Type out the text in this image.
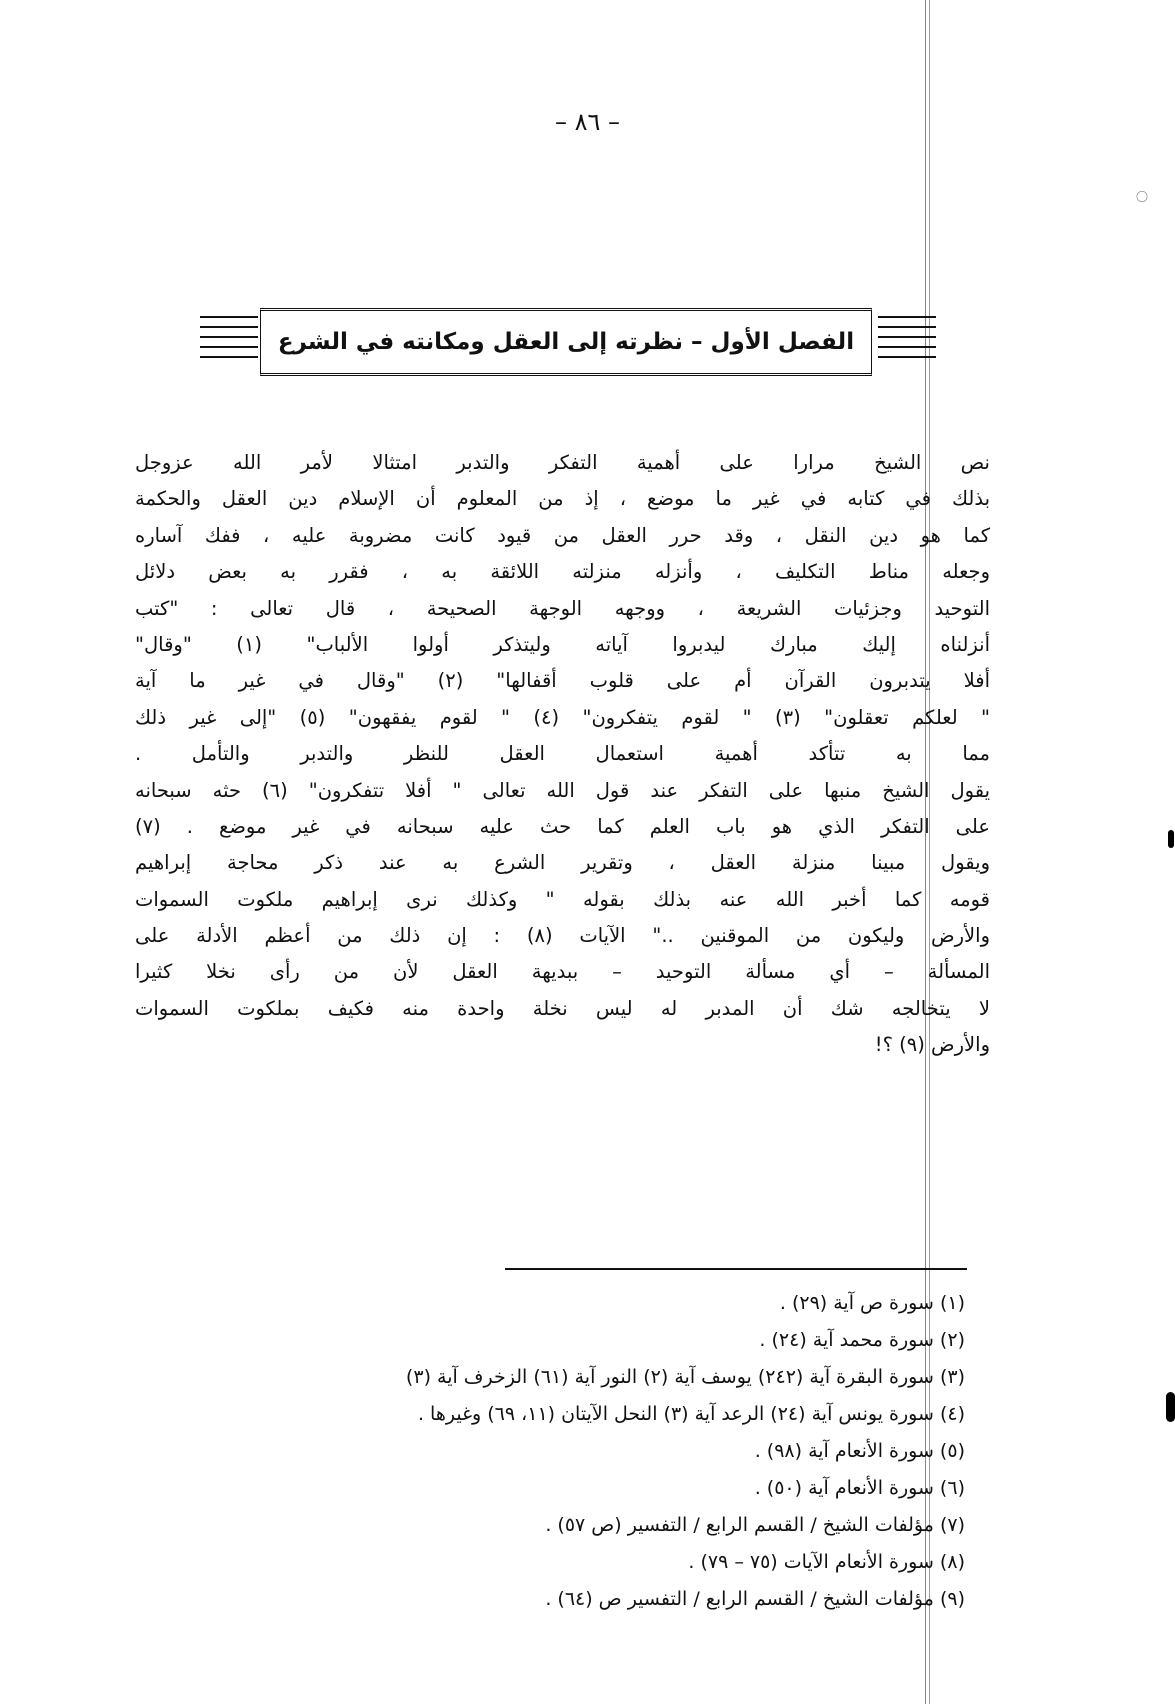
– ٨٦ –
〇
الفصل الأول – نظرته إلى العقل ومكانته في الشرع

نص الشيخ مرارا على أهمية التفكر والتدبر امتثالا لأمر الله عزوجل

بذلك في كتابه في غير ما موضع ، إذ من المعلوم أن الإسلام دين العقل والحكمة

كما هو دين النقل ، وقد حرر العقل من قيود كانت مضروبة عليه ، ففك آساره

وجعله مناط التكليف ، وأنزله منزلته اللائقة به ، فقرر به بعض دلائل

التوحيد وجزئيات الشريعة ، ووجهه الوجهة الصحيحة ، قال تعالى : "كتب

أنزلناه إليك مبارك ليدبروا آياته وليتذكر أولوا الألباب" (١) "وقال"

أفلا يتدبرون القرآن أم على قلوب أقفالها" (٢) "وقال في غير ما آية

" لعلكم تعقلون" (٣) " لقوم يتفكرون" (٤) " لقوم يفقهون" (٥) "إلى غير ذلك

مما به تتأكد أهمية استعمال العقل للنظر والتدبر والتأمل .

يقول الشيخ منبها على التفكر عند قول الله تعالى " أفلا تتفكرون" (٦) حثه سبحانه

على التفكر الذي هو باب العلم كما حث عليه سبحانه في غير موضع . (٧)

ويقول مبينا منزلة العقل ، وتقرير الشرع به عند ذكر محاجة إبراهيم

قومه كما أخبر الله عنه بذلك بقوله " وكذلك نرى إبراهيم ملكوت السموات

والأرض وليكون من الموقنين .." الآيات (٨) : إن ذلك من أعظم الأدلة على

المسألة – أي مسألة التوحيد – ببديهة العقل لأن من رأى نخلا كثيرا

لا يتخالجه شك أن المدبر له ليس نخلة واحدة منه فكيف بملكوت السموات

والأرض (٩) ؟!

(١) سورة ص آية (٢٩) .
(٢) سورة محمد آية (٢٤) .
(٣) سورة البقرة آية (٢٤٢) يوسف آية (٢) النور آية (٦١) الزخرف آية (٣)
(٤) سورة يونس آية (٢٤) الرعد آية (٣) النحل الآيتان (١١، ٦٩) وغيرها .
(٥) سورة الأنعام آية (٩٨) .
(٦) سورة الأنعام آية (٥٠) .
(٧) مؤلفات الشيخ / القسم الرابع / التفسير (ص ٥٧) .
(٨) سورة الأنعام الآيات (٧٥ – ٧٩) .
(٩) مؤلفات الشيخ / القسم الرابع / التفسير ص (٦٤) .
